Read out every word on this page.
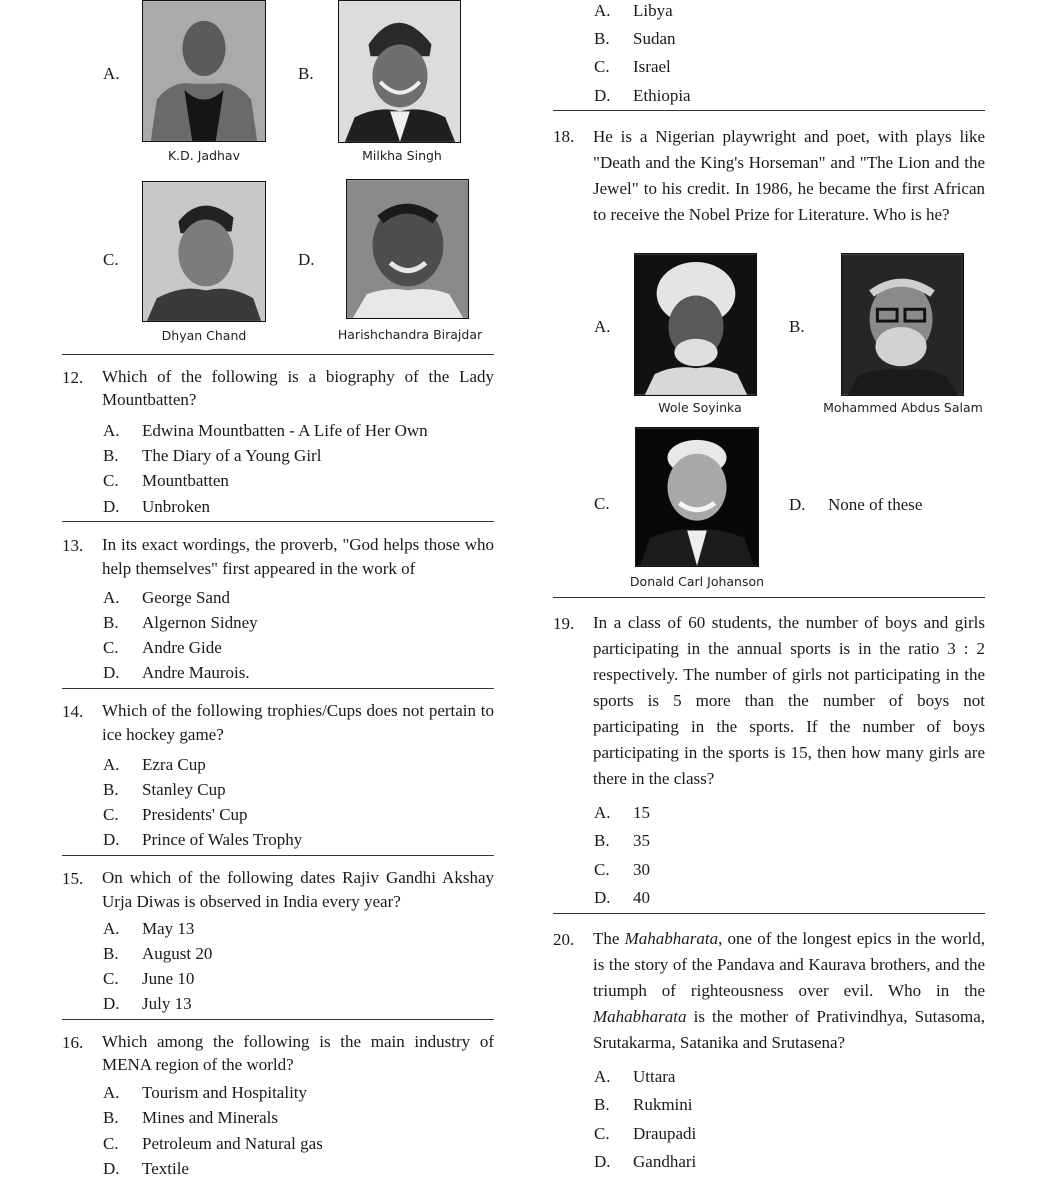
A.
K.D. Jadhav
B.
Milkha Singh
C.
Dhyan Chand
D.
Harishchandra Birajdar
12. Which of the following is a biography of the Lady Mountbatten?
A. Edwina Mountbatten - A Life of Her Own
B. The Diary of a Young Girl
C. Mountbatten
D. Unbroken
13. In its exact wordings, the proverb, "God helps those who help themselves" first appeared in the work of
A. George Sand
B. Algernon Sidney
C. Andre Gide
D. Andre Maurois.
14. Which of the following trophies/Cups does not pertain to ice hockey game?
A. Ezra Cup
B. Stanley Cup
C. Presidents' Cup
D. Prince of Wales Trophy
15. On which of the following dates Rajiv Gandhi Akshay Urja Diwas is observed in India every year?
A. May 13
B. August 20
C. June 10
D. July 13
16. Which among the following is the main industry of MENA region of the world?
A. Tourism and Hospitality
B. Mines and Minerals
C. Petroleum and Natural gas
D. Textile
A. Libya
B. Sudan
C. Israel
D. Ethiopia
18. He is a Nigerian playwright and poet, with plays like "Death and the King's Horseman" and "The Lion and the Jewel" to his credit. In 1986, he became the first African to receive the Nobel Prize for Literature. Who is he?
A.
Wole Soyinka
B.
Mohammed Abdus Salam
C.
Donald Carl Johanson
D. None of these
19. In a class of 60 students, the number of boys and girls participating in the annual sports is in the ratio 3 : 2 respectively. The number of girls not participating in the sports is 5 more than the number of boys not participating in the sports. If the number of boys participating in the sports is 15, then how many girls are there in the class?
A. 15
B. 35
C. 30
D. 40
20. The Mahabharata, one of the longest epics in the world, is the story of the Pandava and Kaurava brothers, and the triumph of righteousness over evil. Who in the Mahabharata is the mother of Prativindhya, Sutasoma, Srutakarma, Satanika and Srutasena?
A. Uttara
B. Rukmini
C. Draupadi
D. Gandhari
